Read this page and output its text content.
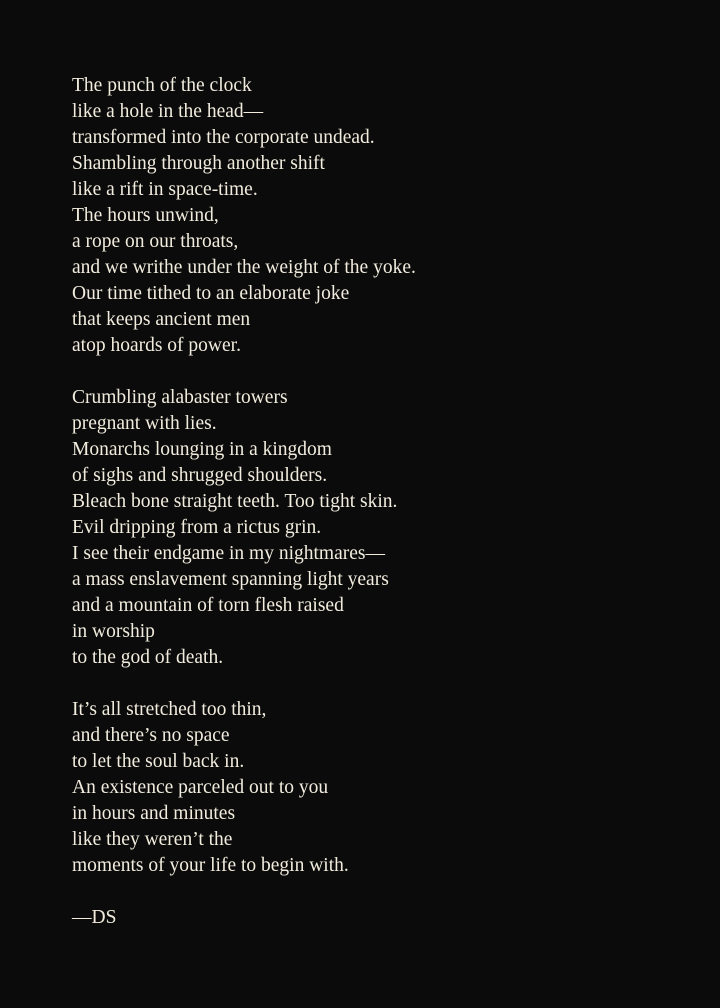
The punch of the clock
like a hole in the head—
transformed into the corporate undead.
Shambling through another shift
like a rift in space-time.
The hours unwind,
a rope on our throats,
and we writhe under the weight of the yoke.
Our time tithed to an elaborate joke
that keeps ancient men
atop hoards of power.
Crumbling alabaster towers
pregnant with lies.
Monarchs lounging in a kingdom
of sighs and shrugged shoulders.
Bleach bone straight teeth. Too tight skin.
Evil dripping from a rictus grin.
I see their endgame in my nightmares—
a mass enslavement spanning light years
and a mountain of torn flesh raised
in worship
to the god of death.
It’s all stretched too thin,
and there’s no space
to let the soul back in.
An existence parceled out to you
in hours and minutes
like they weren’t the
moments of your life to begin with.
—DS
